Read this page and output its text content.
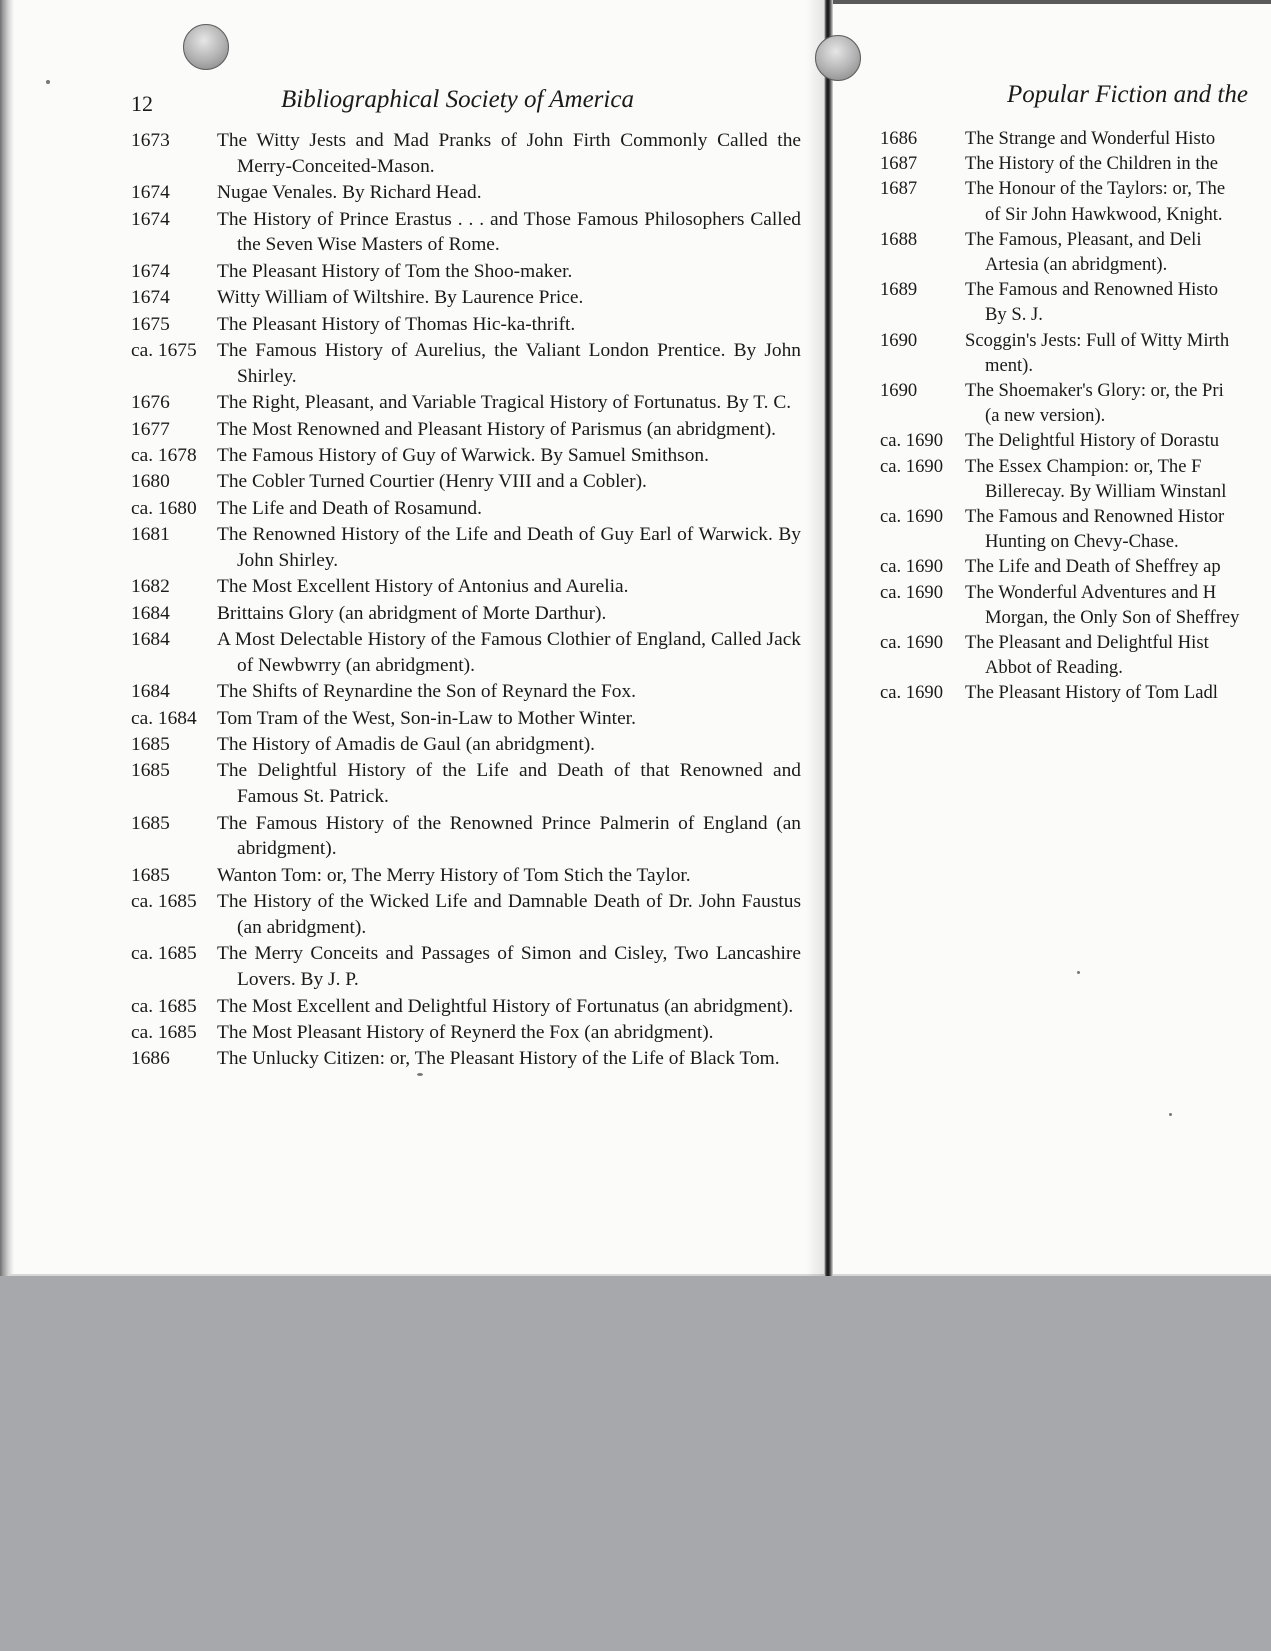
12	Bibliographical Society of America
1673	The Witty Jests and Mad Pranks of John Firth Commonly Called the Merry-Conceited-Mason.
1674	Nugae Venales. By Richard Head.
1674	The History of Prince Erastus . . . and Those Famous Philosophers Called the Seven Wise Masters of Rome.
1674	The Pleasant History of Tom the Shoo-maker.
1674	Witty William of Wiltshire. By Laurence Price.
1675	The Pleasant History of Thomas Hic-ka-thrift.
ca. 1675	The Famous History of Aurelius, the Valiant London Prentice. By John Shirley.
1676	The Right, Pleasant, and Variable Tragical History of Fortunatus. By T. C.
1677	The Most Renowned and Pleasant History of Parismus (an abridgment).
ca. 1678	The Famous History of Guy of Warwick. By Samuel Smithson.
1680	The Cobler Turned Courtier (Henry VIII and a Cobler).
ca. 1680	The Life and Death of Rosamund.
1681	The Renowned History of the Life and Death of Guy Earl of Warwick. By John Shirley.
1682	The Most Excellent History of Antonius and Aurelia.
1684	Brittains Glory (an abridgment of Morte Darthur).
1684	A Most Delectable History of the Famous Clothier of England, Called Jack of Newbwrry (an abridgment).
1684	The Shifts of Reynardine the Son of Reynard the Fox.
ca. 1684	Tom Tram of the West, Son-in-Law to Mother Winter.
1685	The History of Amadis de Gaul (an abridgment).
1685	The Delightful History of the Life and Death of that Renowned and Famous St. Patrick.
1685	The Famous History of the Renowned Prince Palmerin of England (an abridgment).
1685	Wanton Tom: or, The Merry History of Tom Stich the Taylor.
ca. 1685	The History of the Wicked Life and Damnable Death of Dr. John Faustus (an abridgment).
ca. 1685	The Merry Conceits and Passages of Simon and Cisley, Two Lancashire Lovers. By J. P.
ca. 1685	The Most Excellent and Delightful History of Fortunatus (an abridgment).
ca. 1685	The Most Pleasant History of Reynerd the Fox (an abridgment).
1686	The Unlucky Citizen: or, The Pleasant History of the Life of Black Tom.
Popular Fiction and the
1686	The Strange and Wonderful Histo
1687	The History of the Children in the
1687	The Honour of the Taylors: or, The
of Sir John Hawkwood, Knight.
1688	The Famous, Pleasant, and Deli
Artesia (an abridgment).
1689	The Famous and Renowned Histo
By S. J.
1690	Scoggin's Jests: Full of Witty Mirth
ment).
1690	The Shoemaker's Glory: or, the Pri
(a new version).
ca. 1690	The Delightful History of Dorastu
ca. 1690	The Essex Champion: or, The F
Billerecay. By William Winstanl
ca. 1690	The Famous and Renowned Histor
Hunting on Chevy-Chase.
ca. 1690	The Life and Death of Sheffrey ap
ca. 1690	The Wonderful Adventures and H
Morgan, the Only Son of Sheffrey
ca. 1690	The Pleasant and Delightful Hist
Abbot of Reading.
ca. 1690	The Pleasant History of Tom Ladl
